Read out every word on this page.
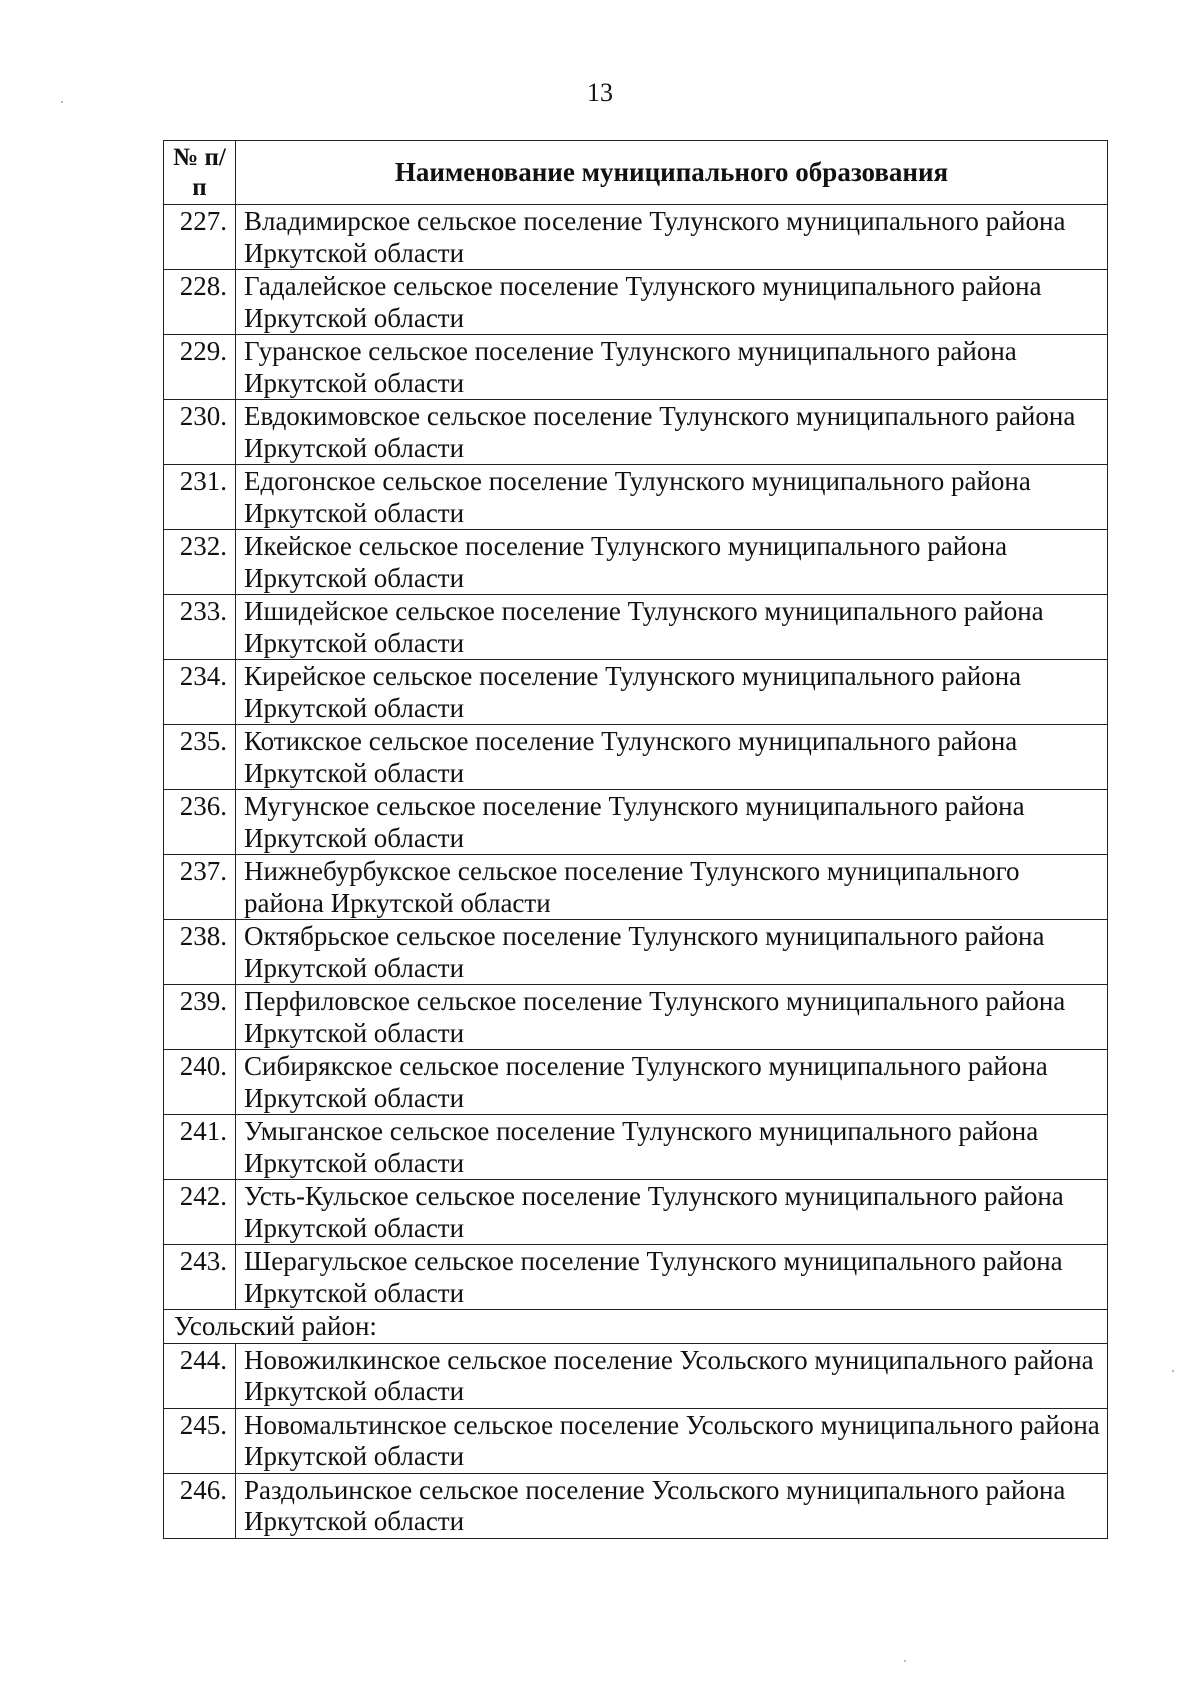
13
№ п/п	Наименование муниципального образования
227.	Владимирское сельское поселение Тулунского муниципального района Иркутской области
228.	Гадалейское сельское поселение Тулунского муниципального района Иркутской области
229.	Гуранское сельское поселение Тулунского муниципального района Иркутской области
230.	Евдокимовское сельское поселение Тулунского муниципального района Иркутской области
231.	Едогонское сельское поселение Тулунского муниципального района Иркутской области
232.	Икейское сельское поселение Тулунского муниципального района Иркутской области
233.	Ишидейское сельское поселение Тулунского муниципального района Иркутской области
234.	Кирейское сельское поселение Тулунского муниципального района Иркутской области
235.	Котикское сельское поселение Тулунского муниципального района Иркутской области
236.	Мугунское сельское поселение Тулунского муниципального района Иркутской области
237.	Нижнебурбукское сельское поселение Тулунского муниципального района Иркутской области
238.	Октябрьское сельское поселение Тулунского муниципального района Иркутской области
239.	Перфиловское сельское поселение Тулунского муниципального района Иркутской области
240.	Сибирякское сельское поселение Тулунского муниципального района Иркутской области
241.	Умыганское сельское поселение Тулунского муниципального района Иркутской области
242.	Усть-Кульское сельское поселение Тулунского муниципального района Иркутской области
243.	Шерагульское сельское поселение Тулунского муниципального района Иркутской области
Усольский район:	
244.	Новожилкинское сельское поселение Усольского муниципального района Иркутской области
245.	Новомальтинское сельское поселение Усольского муниципального района Иркутской области
246.	Раздольинское сельское поселение Усольского муниципального района Иркутской области
